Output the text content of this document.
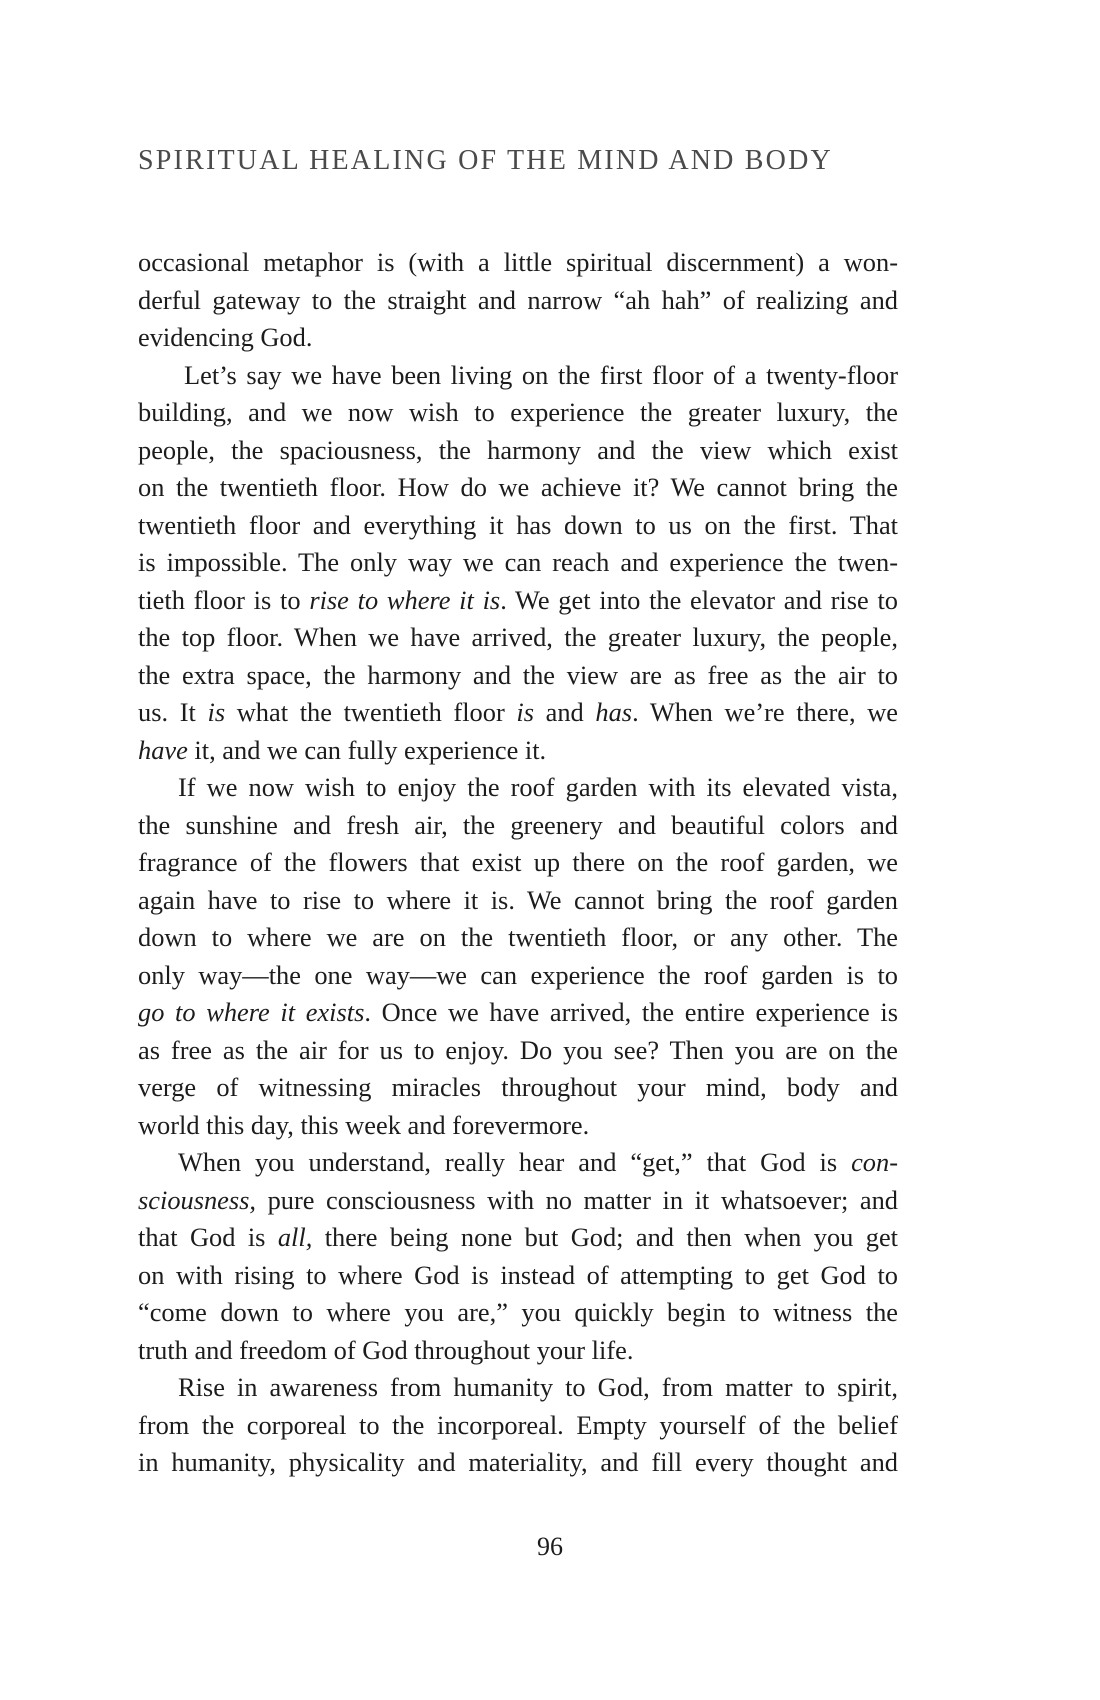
SPIRITUAL HEALING OF THE MIND AND BODY
occasional metaphor is (with a little spiritual discernment) a won-
derful gateway to the straight and narrow “ah hah” of realizing and
evidencing God.
Let’s say we have been living on the first floor of a twenty-floor
building, and we now wish to experience the greater luxury, the
people, the spaciousness, the harmony and the view which exist
on the twentieth floor. How do we achieve it? We cannot bring the
twentieth floor and everything it has down to us on the first. That
is impossible. The only way we can reach and experience the twen-
tieth floor is to rise to where it is. We get into the elevator and rise to
the top floor. When we have arrived, the greater luxury, the people,
the extra space, the harmony and the view are as free as the air to
us. It is what the twentieth floor is and has. When we’re there, we
have it, and we can fully experience it.
If we now wish to enjoy the roof garden with its elevated vista,
the sunshine and fresh air, the greenery and beautiful colors and
fragrance of the flowers that exist up there on the roof garden, we
again have to rise to where it is. We cannot bring the roof garden
down to where we are on the twentieth floor, or any other. The
only way—the one way—we can experience the roof garden is to
go to where it exists. Once we have arrived, the entire experience is
as free as the air for us to enjoy. Do you see? Then you are on the
verge of witnessing miracles throughout your mind, body and
world this day, this week and forevermore.
When you understand, really hear and “get,” that God is con-
sciousness, pure consciousness with no matter in it whatsoever; and
that God is all, there being none but God; and then when you get
on with rising to where God is instead of attempting to get God to
“come down to where you are,” you quickly begin to witness the
truth and freedom of God throughout your life.
Rise in awareness from humanity to God, from matter to spirit,
from the corporeal to the incorporeal. Empty yourself of the belief
in humanity, physicality and materiality, and fill every thought and
96
